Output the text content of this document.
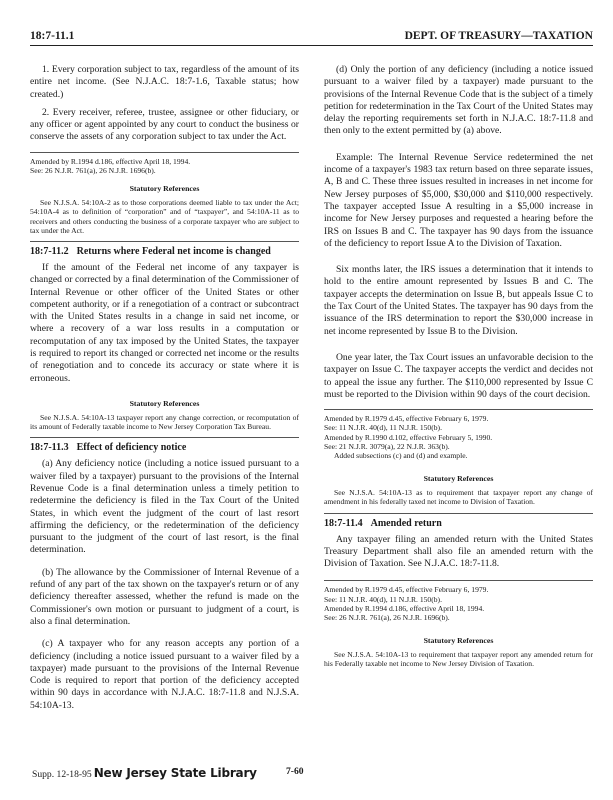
18:7-11.1	DEPT. OF TREASURY—TAXATION

1. Every corporation subject to tax, regardless of the amount of its entire net income. (See N.J.A.C. 18:7-1.6, Taxable status; how created.)

2. Every receiver, referee, trustee, assignee or other fiduciary, or any officer or agent appointed by any court to conduct the business or conserve the assets of any corporation subject to tax under the Act.

Amended by R.1994 d.186, effective April 18, 1994.
See: 26 N.J.R. 761(a), 26 N.J.R. 1696(b).
Statutory References

See N.J.S.A. 54:10A-2 as to those corporations deemed liable to tax under the Act; 54:10A-4 as to definition of “corporation” and of “taxpayer”, and 54:10A-11 as to receivers and others conducting the business of a corporate taxpayer who are subject to tax under the Act.

18:7-11.2 Returns where Federal net income is changed

If the amount of the Federal net income of any taxpayer is changed or corrected by a final determination of the Commissioner of Internal Revenue or other officer of the United States or other competent authority, or if a renegotiation of a contract or subcontract with the United States results in a change in said net income, or where a recovery of a war loss results in a computation or recomputation of any tax imposed by the United States, the taxpayer is required to report its changed or corrected net income or the results of renegotiation and to concede its accuracy or state where it is erroneous.

Statutory References

See N.J.S.A. 54:10A-13 taxpayer report any change correction, or recomputation of its amount of Federally taxable income to New Jersey Corporation Tax Bureau.

18:7-11.3 Effect of deficiency notice

(a) Any deficiency notice (including a notice issued pursuant to a waiver filed by a taxpayer) pursuant to the provisions of the Internal Revenue Code is a final determination unless a timely petition to redetermine the deficiency is filed in the Tax Court of the United States, in which event the judgment of the court of last resort affirming the deficiency, or the redetermination of the deficiency pursuant to the judgment of the court of last resort, is the final determination.

(b) The allowance by the Commissioner of Internal Revenue of a refund of any part of the tax shown on the taxpayer's return or of any deficiency thereafter assessed, whether the refund is made on the Commissioner's own motion or pursuant to judgment of a court, is also a final determination.

(c) A taxpayer who for any reason accepts any portion of a deficiency (including a notice issued pursuant to a waiver filed by a taxpayer) made pursuant to the provisions of the Internal Revenue Code is required to report that portion of the deficiency accepted within 90 days in accordance with N.J.A.C. 18:7-11.8 and N.J.S.A. 54:10A-13.

(d) Only the portion of any deficiency (including a notice issued pursuant to a waiver filed by a taxpayer) made pursuant to the provisions of the Internal Revenue Code that is the subject of a timely petition for redetermination in the Tax Court of the United States may delay the reporting requirements set forth in N.J.A.C. 18:7-11.8 and then only to the extent permitted by (a) above.

Example: The Internal Revenue Service redetermined the net income of a taxpayer's 1983 tax return based on three separate issues, A, B and C. These three issues resulted in increases in net income for New Jersey purposes of $5,000, $30,000 and $110,000 respectively. The taxpayer accepted Issue A resulting in a $5,000 increase in income for New Jersey purposes and requested a hearing before the IRS on Issues B and C. The taxpayer has 90 days from the issuance of the deficiency to report Issue A to the Division of Taxation.

Six months later, the IRS issues a determination that it intends to hold to the entire amount represented by Issues B and C. The taxpayer accepts the determination on Issue B, but appeals Issue C to the Tax Court of the United States. The taxpayer has 90 days from the issuance of the IRS determination to report the $30,000 increase in net income represented by Issue B to the Division.

One year later, the Tax Court issues an unfavorable decision to the taxpayer on Issue C. The taxpayer accepts the verdict and decides not to appeal the issue any further. The $110,000 represented by Issue C must be reported to the Division within 90 days of the court decision.

Amended by R.1979 d.45, effective February 6, 1979.
See: 11 N.J.R. 40(d), 11 N.J.R. 150(b).
Amended by R.1990 d.102, effective February 5, 1990.
See: 21 N.J.R. 3079(a), 22 N.J.R. 363(b).
Added subsections (c) and (d) and example.
Statutory References

See N.J.S.A. 54:10A-13 as to requirement that taxpayer report any change of amendment in his federally taxed net income to Division of Taxation.

18:7-11.4 Amended return

Any taxpayer filing an amended return with the United States Treasury Department shall also file an amended return with the Division of Taxation. See N.J.A.C. 18:7-11.8.

Amended by R.1979 d.45, effective February 6, 1979.
See: 11 N.J.R. 40(d), 11 N.J.R. 150(b).
Amended by R.1994 d.186, effective April 18, 1994.
See: 26 N.J.R. 761(a), 26 N.J.R. 1696(b).
Statutory References

See N.J.S.A. 54:10A-13 to requirement that taxpayer report any amended return for his Federally taxable net income to New Jersey Division of Taxation.

Supp. 12-18-95 New Jersey State Library	7-60
